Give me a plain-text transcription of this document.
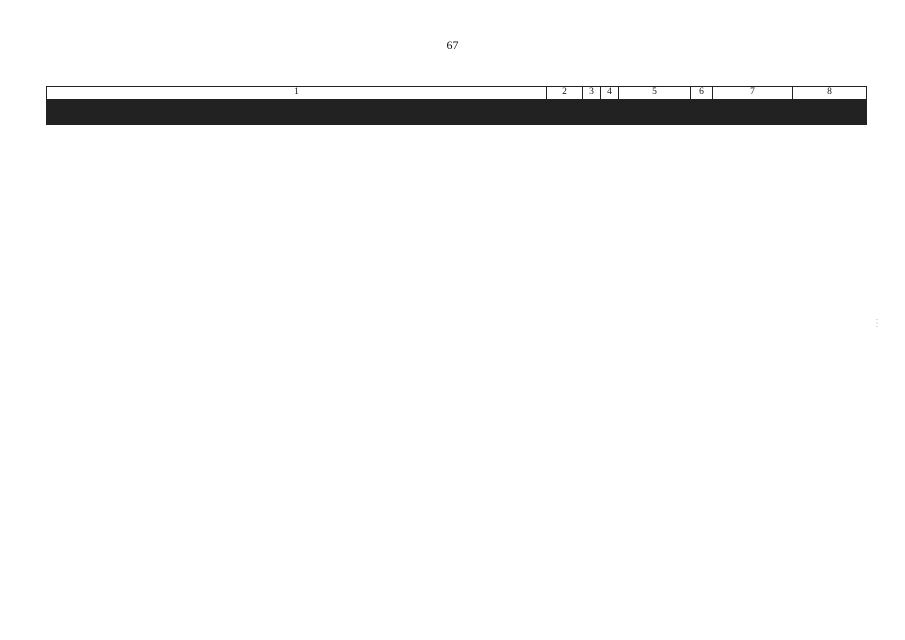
67
⋮
1	2	3	4	5	6	7	8
